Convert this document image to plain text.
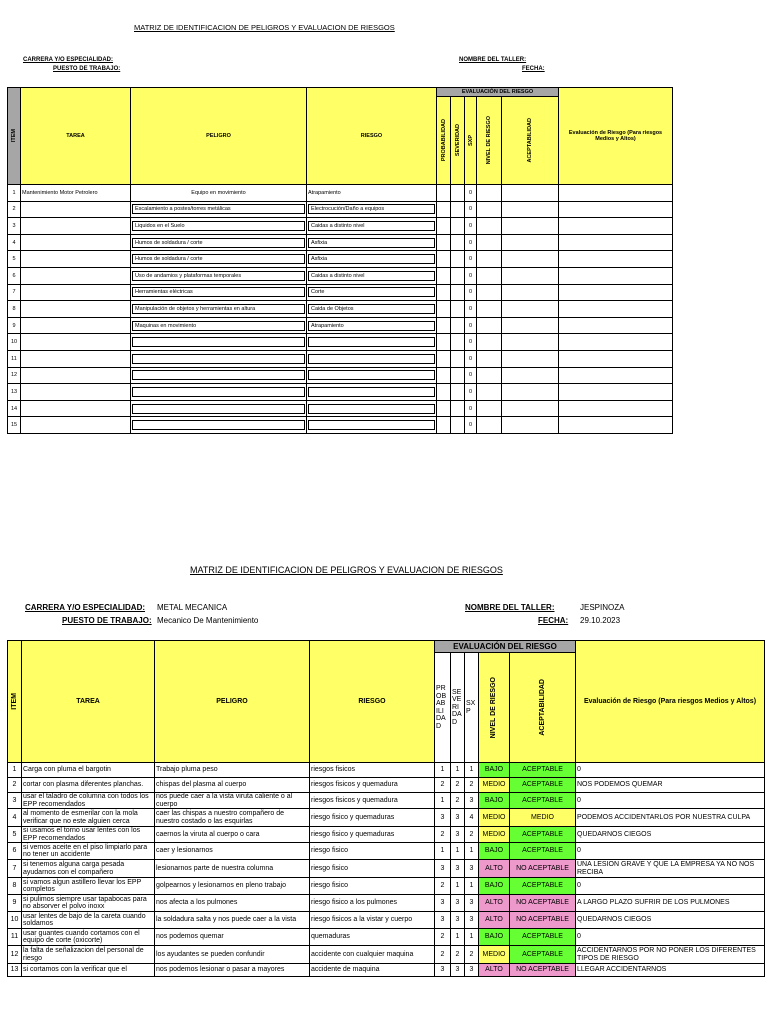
MATRIZ DE IDENTIFICACION DE PELIGROS Y EVALUACION DE RIESGOS
CARRERA Y/O ESPECIALIDAD:
PUESTO DE TRABAJO:
NOMBRE DEL TALLER:
FECHA:
ITEM	TAREA	PELIGRO	RIESGO	EVALUACIÓN DEL RIESGO					Evaluación de Riesgo (Para riesgos Medios y Altos)

				PROBABILIDAD	SEVERIDAD	SXP	NIVEL DE RIESGO	ACEPTABILIDAD	

1	Mantenimiento Motor Petrolero	Equipo en movimiento	Atrapamiento			0			
2		Escalamiento a postes/torres metálicas	Electrocución/Daño a equipos			0			
3		Liquidos en el Suelo	Caidas a distinto nivel			0			
4		Humos de soldadura / corte	Asfixia			0			
5		Humos de soldadura / corte	Asfixia			0			
6		Uso de andamios y plataformas temporales	Caidas a distinto nivel			0			
7		Herramientas eléctricas	Corte			0			
8		Manipulación de objetos y herramientas en altura	Caida de Objetos			0			
9		Maquinas en movimiento	Atrapamiento			0			
10						0			
11						0			
12						0			
13						0			
14						0			
15						0			
MATRIZ DE IDENTIFICACION DE PELIGROS Y EVALUACION DE RIESGOS
CARRERA Y/O ESPECIALIDAD: METAL MECANICA
PUESTO DE TRABAJO: Mecanico De Mantenimiento
NOMBRE DEL TALLER:	JESPINOZA
FECHA: 29.10.2023
ITEM	TAREA	PELIGRO	RIESGO	EVALUACIÓN DEL RIESGO					Evaluación de Riesgo (Para riesgos Medios y Altos)
				PR OB AB ILI DA D	SE VE RI DA D	SX P	NIVEL DE RIESGO	ACEPTABILIDAD	

1	Carga con pluma el bargotin	Trabajo pluma peso	riesgos fisicos	1	1	1	BAJO	ACEPTABLE	0
2	cortar con plasma diferentes planchas.	chispas del plasma al cuerpo	riesgos fisicos y quemadura	2	2	2	MEDIO	ACEPTABLE	NOS PODEMOS QUEMAR
3	usar el taladro de columna con todos los EPP recomendados	nos puede caer a la vista viruta caliente o al cuerpo	riesgos fisicos y quemadura	1	2	3	BAJO	ACEPTABLE	0
4	al momento de esmerilar con la mola verificar que no este alguien cerca	caer las chispas a nuestro compañero de nuestro costado o las esquirlas	riesgo fisico y quemaduras	3	3	4	MEDIO	MEDIO	PODEMOS ACCIDENTARLOS POR NUESTRA CULPA
5	si usamos el torno usar lentes con los EPP recomendados	caernos la viruta al cuerpo o cara	riesgo fisico y quemaduras	2	3	2	MEDIO	ACEPTABLE	QUEDARNOS CIEGOS
6	si vemos aceite en el piso limpiarlo para no tener un accidente	caer y lesionarnos	riesgo fisico	1	1	1	BAJO	ACEPTABLE	0
7	si tenemos alguna carga pesada ayudarnos con el compañero	lesionarnos parte de nuestra columna	riesgo fisico	3	3	3	ALTO	NO ACEPTABLE	UNA LESION GRAVE Y QUE LA EMPRESA YA NO NOS RECIBA
8	si vamos algun astillero llevar los EPP completos	golpearnos y lesionarnos en pleno trabajo	riesgo fisico	2	1	1	BAJO	ACEPTABLE	0
9	si pulimos siempre usar tapabocas para no absorver el polvo inoxx	nos afecta a los pulmones	riesgo fisico a los pulmones	3	3	3	ALTO	NO ACEPTABLE	A LARGO PLAZO SUFRIR DE LOS PULMONES
10	usar lentes de bajo de la careta cuando soldamos	la soldadura salta y nos puede caer a la vista	riesgo fisicos a la vistar y cuerpo	3	3	3	ALTO	NO ACEPTABLE	QUEDARNOS CIEGOS
11	usar guantes cuando cortamos con el equipo de corte (oxicorte)	nos podemos quemar	quemaduras	2	1	1	BAJO	ACEPTABLE	0
12	la falta de señalizacion del personal de riesgo	los ayudantes se pueden confundir	accidente con cualquier maquina	2	2	2	MEDIO	ACEPTABLE	ACCIDENTARNOS POR NO PONER LOS DIFERENTES TIPOS DE RIESGO
13	si cortamos con la verificar que el	nos podemos lesionar o pasar a mayores	accidente de maquina	3	3	3	ALTO	NO ACEPTABLE	LLEGAR ACCIDENTARNOS
